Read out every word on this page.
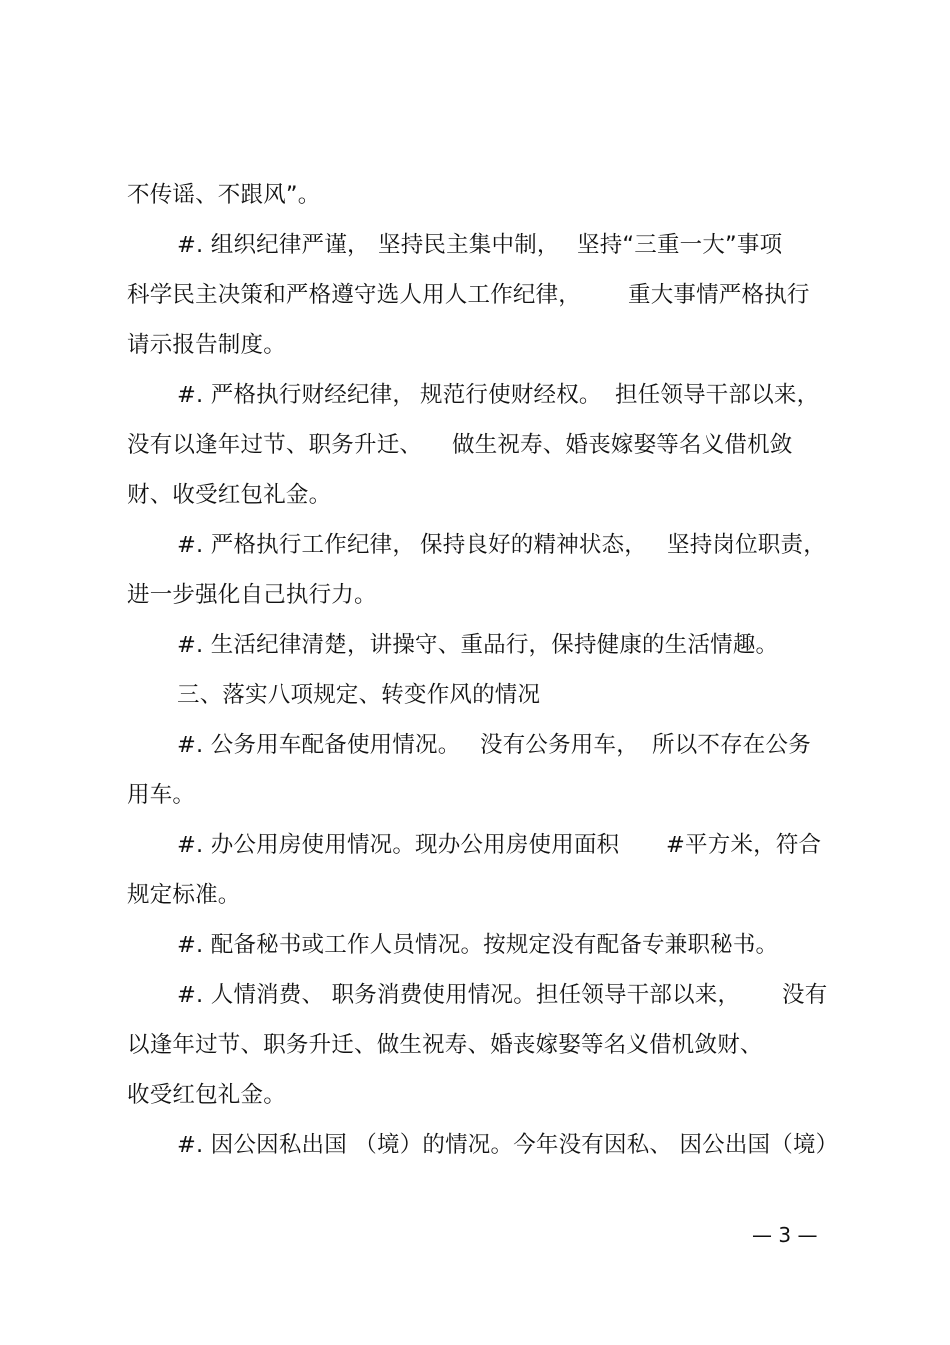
不传谣、不跟风”。

#. 组织纪律严谨，

坚持民主集中制，

坚持“三重一大”事项

科学民主决策和严格遵守选人用人工作纪律，

重大事情严格执行

请示报告制度。

#. 严格执行财经纪律，

规范行使财经权。

担任领导干部以来，

没有以逢年过节、职务升迁、

做生祝寿、婚丧嫁娶等名义借机敛

财、收受红包礼金。

#. 严格执行工作纪律，

保持良好的精神状态，

坚持岗位职责，

进一步强化自己执行力。

#. 生活纪律清楚，讲操守、重品行，保持健康的生活情趣。

三、落实八项规定、转变作风的情况

#. 公务用车配备使用情况。

没有公务用车，

所以不存在公务

用车。

#. 办公用房使用情况。现办公用房使用面积

#平方米，符合

规定标准。

#. 配备秘书或工作人员情况。按规定没有配备专兼职秘书。

#. 人情消费、 职务消费使用情况。担任领导干部以来，

没有

以逢年过节、职务升迁、做生祝寿、婚丧嫁娶等名义借机敛财、

收受红包礼金。

#. 因公因私出国 （境）的情况。今年没有因私、 因公出国（境）

— 3 —
